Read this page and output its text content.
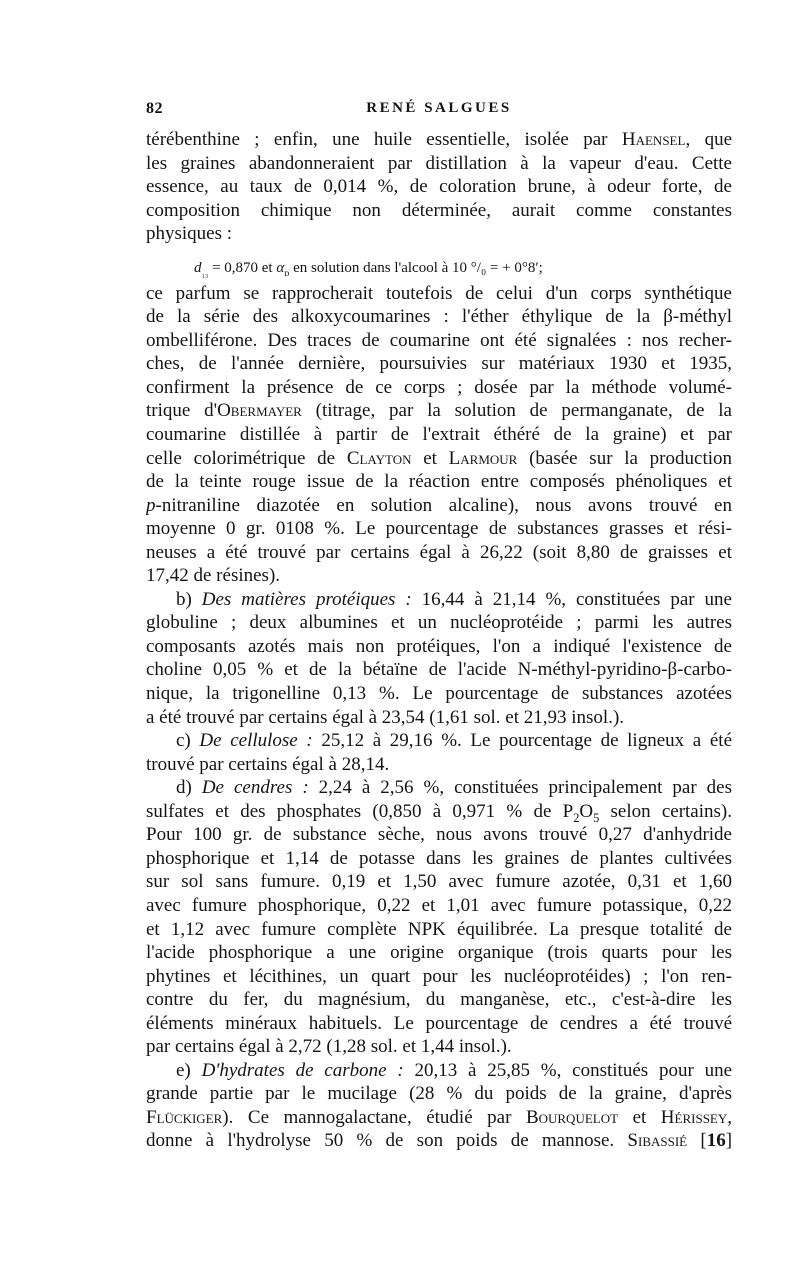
82	RENÉ SALGUES
térébenthine ; enfin, une huile essentielle, isolée par Haensel, que
les graines abandonneraient par distillation à la vapeur d'eau. Cette
essence, au taux de 0,014 %, de coloration brune, à odeur forte, de
composition chimique non déterminée, aurait comme constantes
physiques :
$d_{_{13}} = 0,870$ et $\alpha_ᴅ$ en solution dans l'alcool à 10 °/₀ = + 0°8′;
ce parfum se rapprocherait toutefois de celui d'un corps synthétique
de la série des alkoxycoumarines : l'éther éthylique de la β-méthyl
ombelliférone. Des traces de coumarine ont été signalées : nos recher-
ches, de l'année dernière, poursuivies sur matériaux 1930 et 1935,
confirment la présence de ce corps ; dosée par la méthode volumé-
trique d'Obermayer (titrage, par la solution de permanganate, de la
coumarine distillée à partir de l'extrait éthéré de la graine) et par
celle colorimétrique de Clayton et Larmour (basée sur la production
de la teinte rouge issue de la réaction entre composés phénoliques et
p-nitraniline diazotée en solution alcaline), nous avons trouvé en
moyenne 0 gr. 0108 %. Le pourcentage de substances grasses et rési-
neuses a été trouvé par certains égal à 26,22 (soit 8,80 de graisses et
17,42 de résines).
b) Des matières protéiques : 16,44 à 21,14 %, constituées par une
globuline ; deux albumines et un nucléoprotéide ; parmi les autres
composants azotés mais non protéiques, l'on a indiqué l'existence de
choline 0,05 % et de la bétaïne de l'acide N-méthyl-pyridino-β-carbo-
nique, la trigonelline 0,13 %. Le pourcentage de substances azotées
a été trouvé par certains égal à 23,54 (1,61 sol. et 21,93 insol.).
c) De cellulose : 25,12 à 29,16 %. Le pourcentage de ligneux a été
trouvé par certains égal à 28,14.
d) De cendres : 2,24 à 2,56 %, constituées principalement par des
sulfates et des phosphates (0,850 à 0,971 % de $P_2O_5$ selon certains).
Pour 100 gr. de substance sèche, nous avons trouvé 0,27 d'anhydride
phosphorique et 1,14 de potasse dans les graines de plantes cultivées
sur sol sans fumure. 0,19 et 1,50 avec fumure azotée, 0,31 et 1,60
avec fumure phosphorique, 0,22 et 1,01 avec fumure potassique, 0,22
et 1,12 avec fumure complète NPK équilibrée. La presque totalité de
l'acide phosphorique a une origine organique (trois quarts pour les
phytines et lécithines, un quart pour les nucléoprotéides) ; l'on ren-
contre du fer, du magnésium, du manganèse, etc., c'est-à-dire les
éléments minéraux habituels. Le pourcentage de cendres a été trouvé
par certains égal à 2,72 (1,28 sol. et 1,44 insol.).
e) D'hydrates de carbone : 20,13 à 25,85 %, constitués pour une
grande partie par le mucilage (28 % du poids de la graine, d'après
Flückiger). Ce mannogalactane, étudié par Bourquelot et Hérissey,
donne à l'hydrolyse 50 % de son poids de mannose. Sibassié [16]
